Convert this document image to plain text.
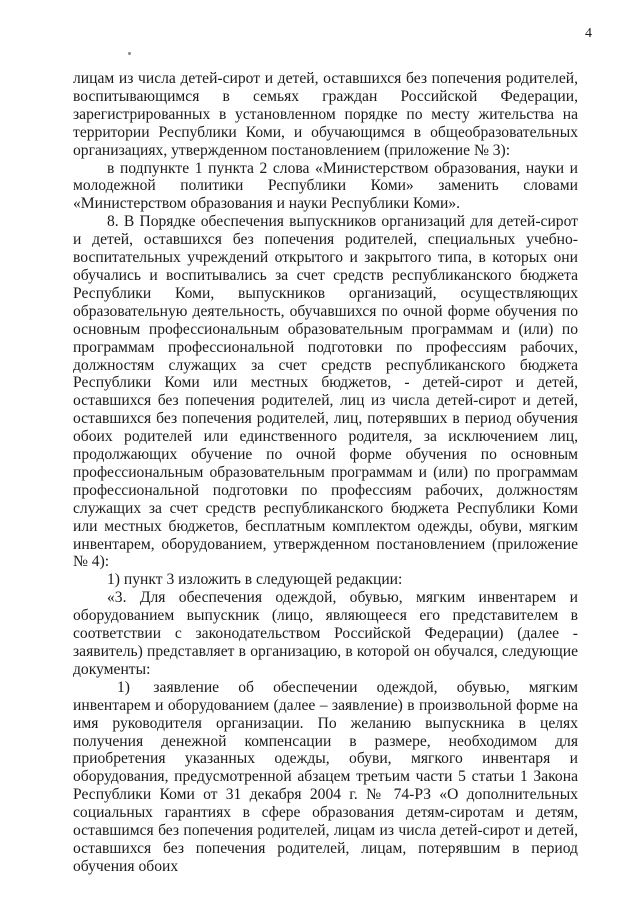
4

лицам из числа детей-сирот и детей, оставшихся без попечения родителей, воспитывающимся в семьях граждан Российской Федерации, зарегистрированных в установленном порядке по месту жительства на территории Республики Коми, и обучающимся в общеобразовательных организациях, утвержденном постановлением (приложение № 3):

в подпункте 1 пункта 2 слова «Министерством образования, науки и молодежной политики Республики Коми» заменить словами «Министерством образования и науки Республики Коми».

8. В Порядке обеспечения выпускников организаций для детей-сирот и детей, оставшихся без попечения родителей, специальных учебно-воспитательных учреждений открытого и закрытого типа, в которых они обучались и воспитывались за счет средств республиканского бюджета Республики Коми, выпускников организаций, осуществляющих образовательную деятельность, обучавшихся по очной форме обучения по основным профессиональным образовательным программам и (или) по программам профессиональной подготовки по профессиям рабочих, должностям служащих за счет средств республиканского бюджета Республики Коми или местных бюджетов, - детей-сирот и детей, оставшихся без попечения родителей, лиц из числа детей-сирот и детей, оставшихся без попечения родителей, лиц, потерявших в период обучения обоих родителей или единственного родителя, за исключением лиц, продолжающих обучение по очной форме обучения по основным профессиональным образовательным программам и (или) по программам профессиональной подготовки по профессиям рабочих, должностям служащих за счет средств республиканского бюджета Республики Коми или местных бюджетов, бесплатным комплектом одежды, обуви, мягким инвентарем, оборудованием, утвержденном постановлением (приложение № 4):

1) пункт 3 изложить в следующей редакции:

«3. Для обеспечения одеждой, обувью, мягким инвентарем и оборудованием выпускник (лицо, являющееся его представителем в соответствии с законодательством Российской Федерации) (далее - заявитель) представляет в организацию, в которой он обучался, следующие документы:

1)  заявление об обеспечении одеждой, обувью, мягким инвентарем и оборудованием (далее – заявление) в произвольной форме на имя руководителя организации. По желанию выпускника в целях получения денежной компенсации в размере, необходимом для приобретения указанных одежды, обуви, мягкого инвентаря и оборудования, предусмотренной абзацем третьим части 5 статьи 1 Закона Республики Коми от 31 декабря 2004 г. № 74-РЗ «О дополнительных социальных гарантиях в сфере образования детям-сиротам и детям, оставшимся без попечения родителей, лицам из числа детей-сирот и детей, оставшихся без попечения родителей, лицам, потерявшим в период обучения обоих
